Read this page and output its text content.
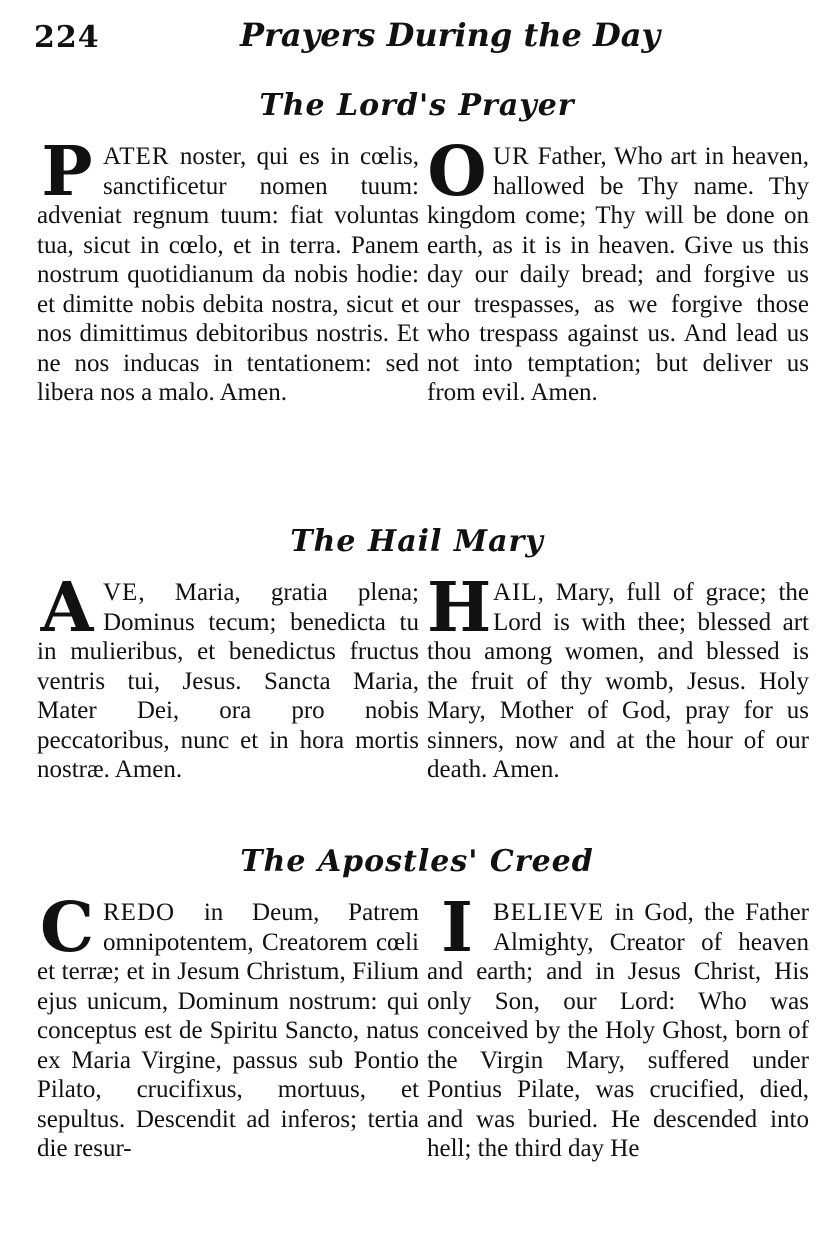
224	Prayers During the Day
The Lord's Prayer
PATER noster, qui es in cœlis, sanctificetur nomen tuum: adveniat regnum tuum: fiat voluntas tua, sicut in cœlo, et in terra. Panem nostrum quotidianum da nobis hodie: et dimitte nobis debita nostra, sicut et nos dimittimus debitoribus nostris. Et ne nos inducas in tentationem: sed libera nos a malo. Amen.
OUR Father, Who art in heaven, hallowed be Thy name. Thy kingdom come; Thy will be done on earth, as it is in heaven. Give us this day our daily bread; and forgive us our trespasses, as we forgive those who trespass against us. And lead us not into temptation; but deliver us from evil. Amen.
The Hail Mary
AVE, Maria, gratia plena; Dominus tecum; benedicta tu in mulieribus, et benedictus fructus ventris tui, Jesus. Sancta Maria, Mater Dei, ora pro nobis peccatoribus, nunc et in hora mortis nostræ. Amen.
HAIL, Mary, full of grace; the Lord is with thee; blessed art thou among women, and blessed is the fruit of thy womb, Jesus. Holy Mary, Mother of God, pray for us sinners, now and at the hour of our death. Amen.
The Apostles' Creed
CREDO in Deum, Patrem omnipotentem, Creatorem cœli et terræ; et in Jesum Christum, Filium ejus unicum, Dominum nostrum: qui conceptus est de Spiritu Sancto, natus ex Maria Virgine, passus sub Pontio Pilato, crucifixus, mortuus, et sepultus. Descendit ad inferos; tertia die resur-
IBELIEVE in God, the Father Almighty, Creator of heaven and earth; and in Jesus Christ, His only Son, our Lord: Who was conceived by the Holy Ghost, born of the Virgin Mary, suffered under Pontius Pilate, was crucified, died, and was buried. He descended into hell; the third day He
